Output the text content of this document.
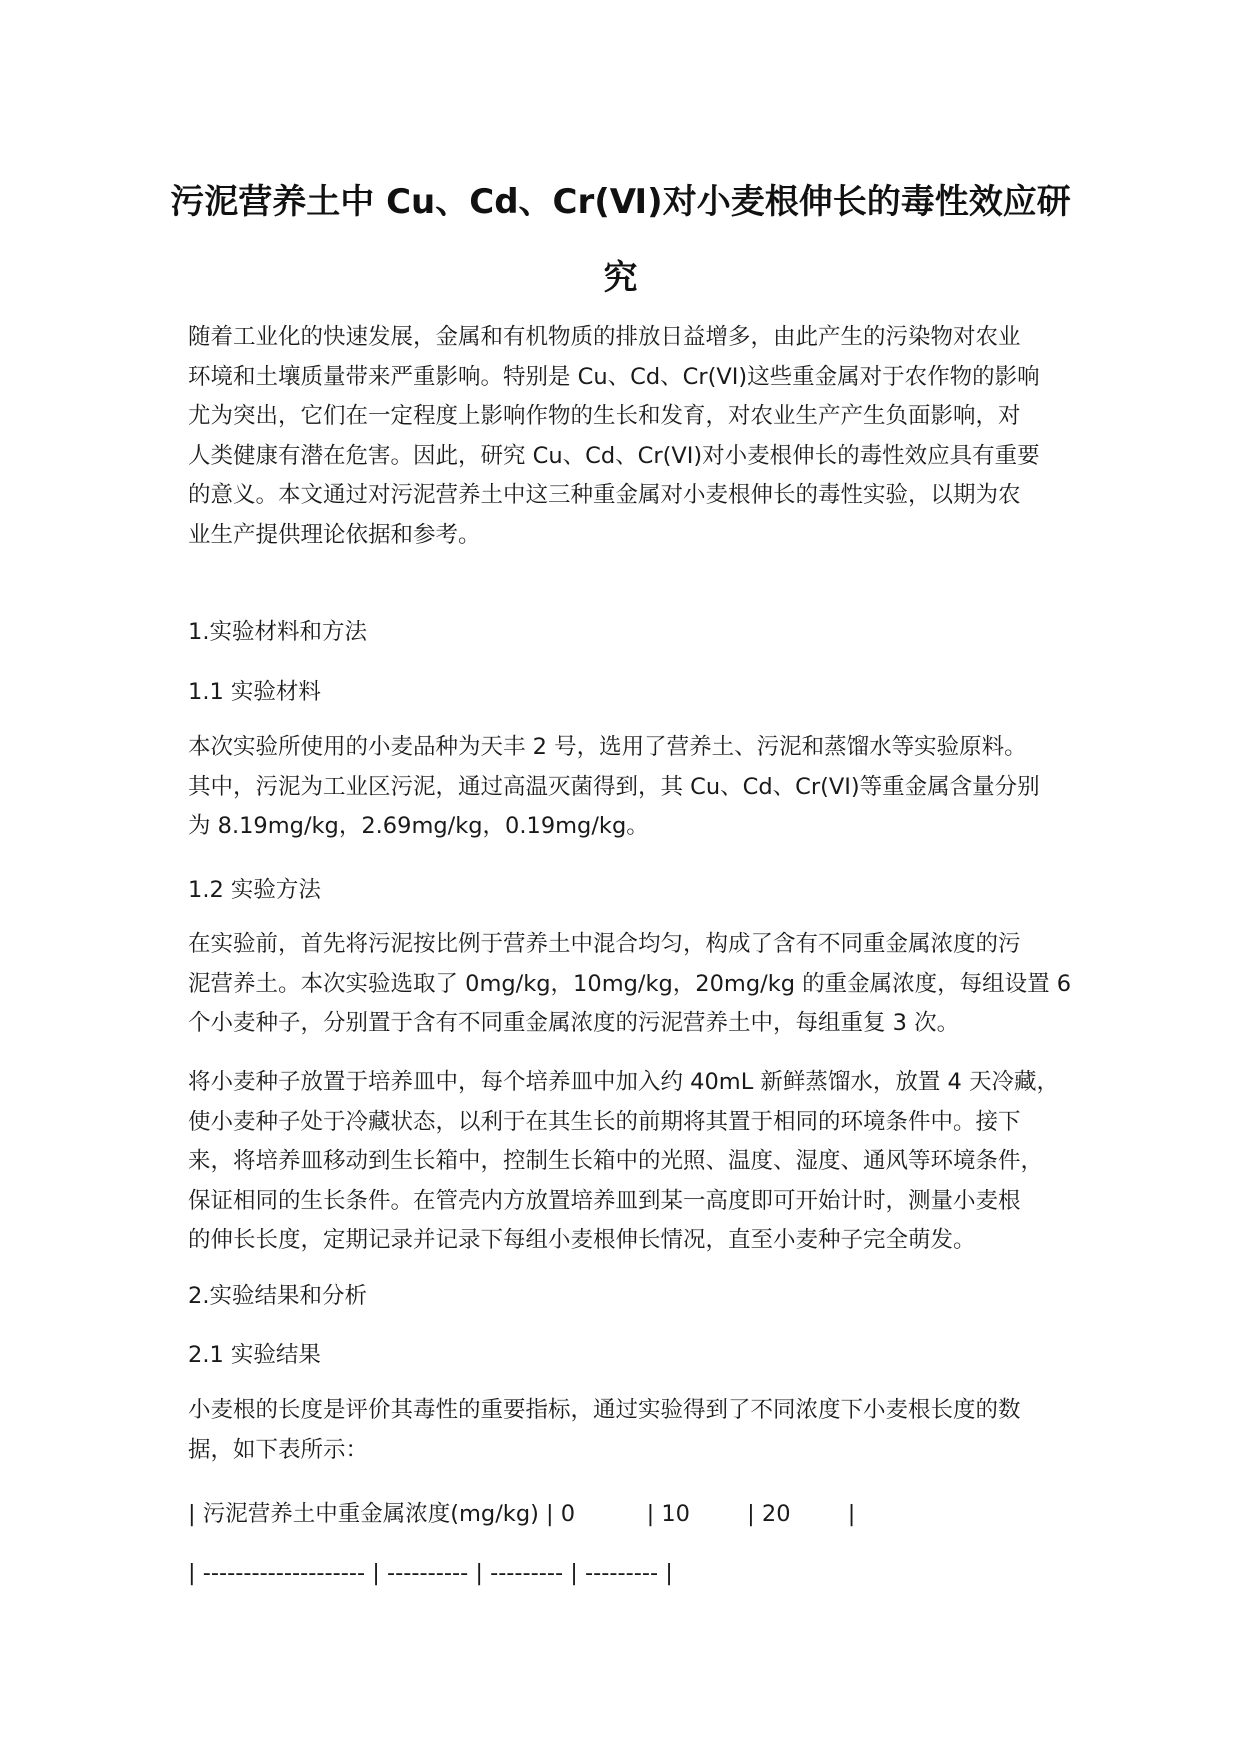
污泥营养土中 Cu、Cd、Cr(Ⅵ)对小麦根伸长的毒性效应研
究
随着工业化的快速发展，金属和有机物质的排放日益增多，由此产生的污染物对农业
环境和土壤质量带来严重影响。特别是 Cu、Cd、Cr(VI)这些重金属对于农作物的影响
尤为突出，它们在一定程度上影响作物的生长和发育，对农业生产产生负面影响，对
人类健康有潜在危害。因此，研究 Cu、Cd、Cr(VI)对小麦根伸长的毒性效应具有重要
的意义。本文通过对污泥营养土中这三种重金属对小麦根伸长的毒性实验，以期为农
业生产提供理论依据和参考。
1.实验材料和方法
1.1 实验材料
本次实验所使用的小麦品种为天丰 2 号，选用了营养土、污泥和蒸馏水等实验原料。
其中，污泥为工业区污泥，通过高温灭菌得到，其 Cu、Cd、Cr(VI)等重金属含量分别
为 8.19mg/kg，2.69mg/kg，0.19mg/kg。
1.2 实验方法
在实验前，首先将污泥按比例于营养土中混合均匀，构成了含有不同重金属浓度的污
泥营养土。本次实验选取了 0mg/kg，10mg/kg，20mg/kg 的重金属浓度，每组设置 6
个小麦种子，分别置于含有不同重金属浓度的污泥营养土中，每组重复 3 次。
将小麦种子放置于培养皿中，每个培养皿中加入约 40mL 新鲜蒸馏水，放置 4 天冷藏，
使小麦种子处于冷藏状态，以利于在其生长的前期将其置于相同的环境条件中。接下
来，将培养皿移动到生长箱中，控制生长箱中的光照、温度、湿度、通风等环境条件，
保证相同的生长条件。在管壳内方放置培养皿到某一高度即可开始计时，测量小麦根
的伸长长度，定期记录并记录下每组小麦根伸长情况，直至小麦种子完全萌发。
2.实验结果和分析
2.1 实验结果
小麦根的长度是评价其毒性的重要指标，通过实验得到了不同浓度下小麦根长度的数
据，如下表所示：
| 污泥营养土中重金属浓度(mg/kg) | 0          | 10        | 20        |
| -------------------- | ---------- | --------- | --------- |
